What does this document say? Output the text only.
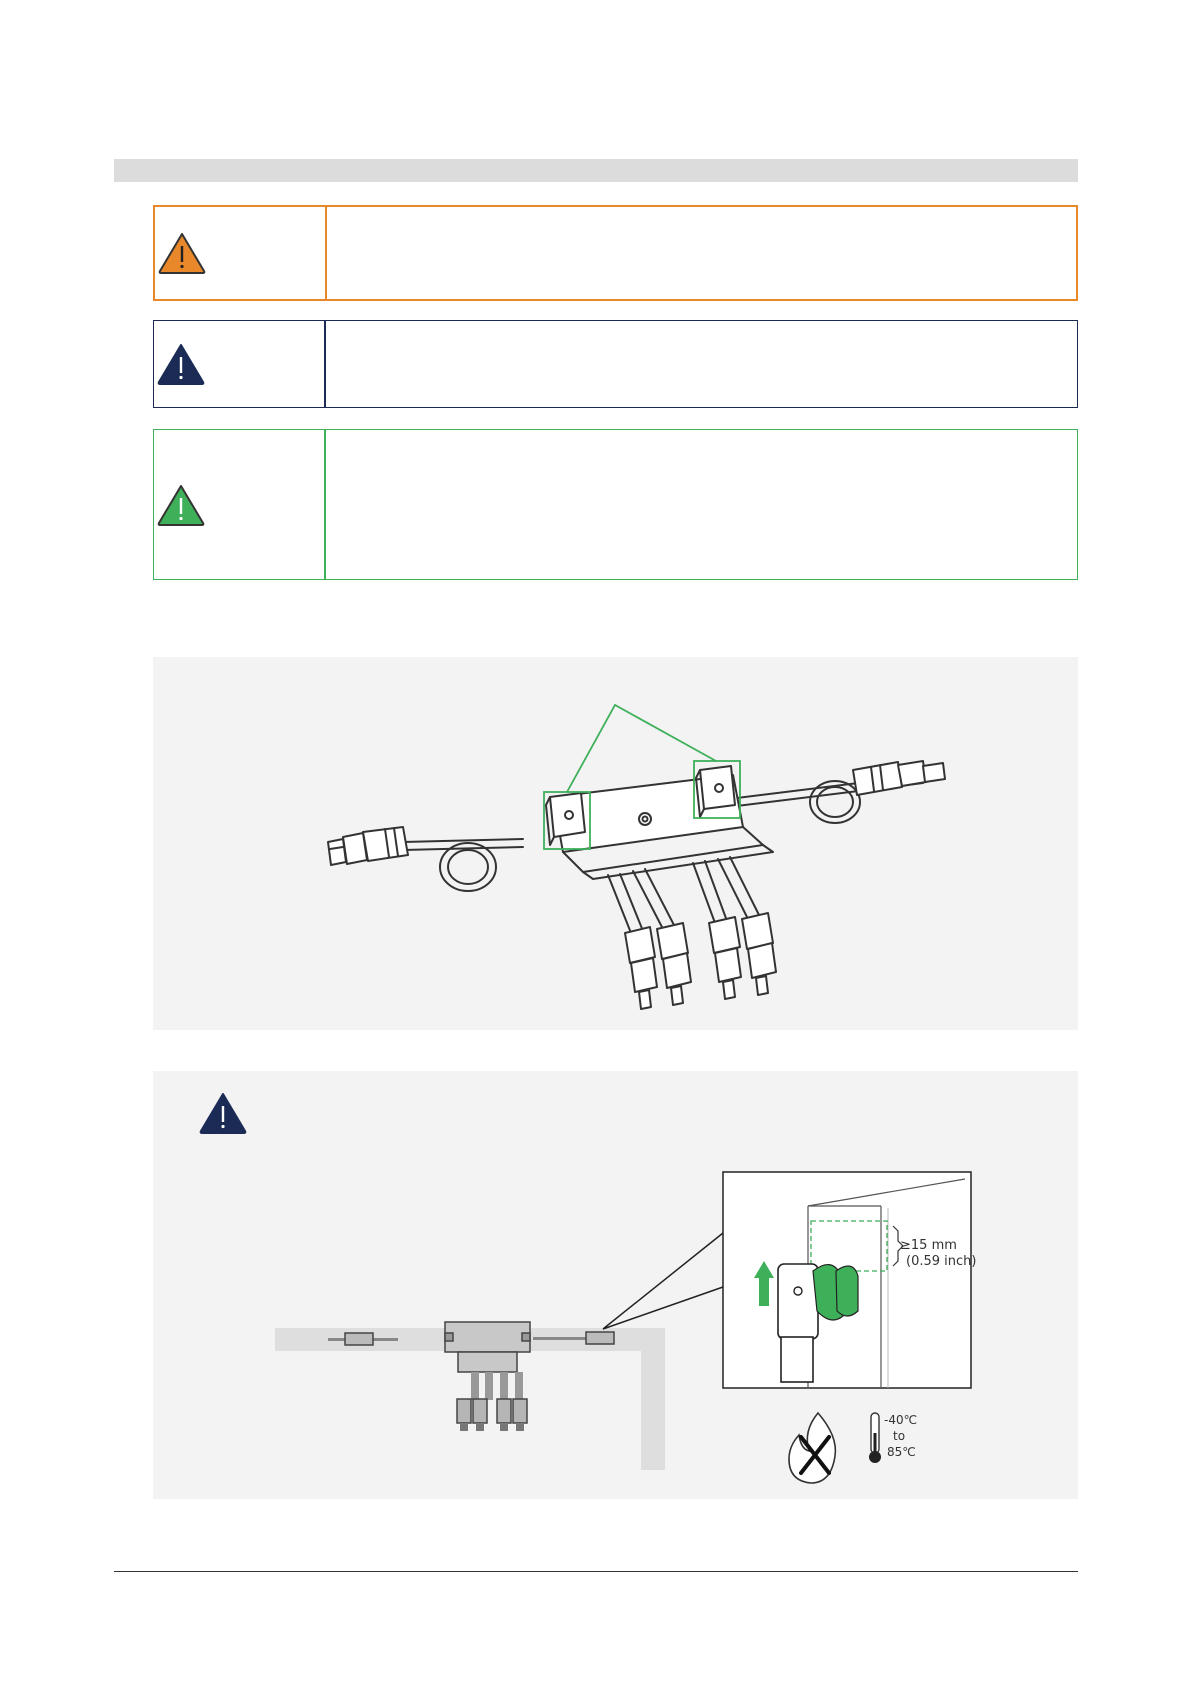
≥15 mm
(0.59 inch)
-40℃
to
85℃
